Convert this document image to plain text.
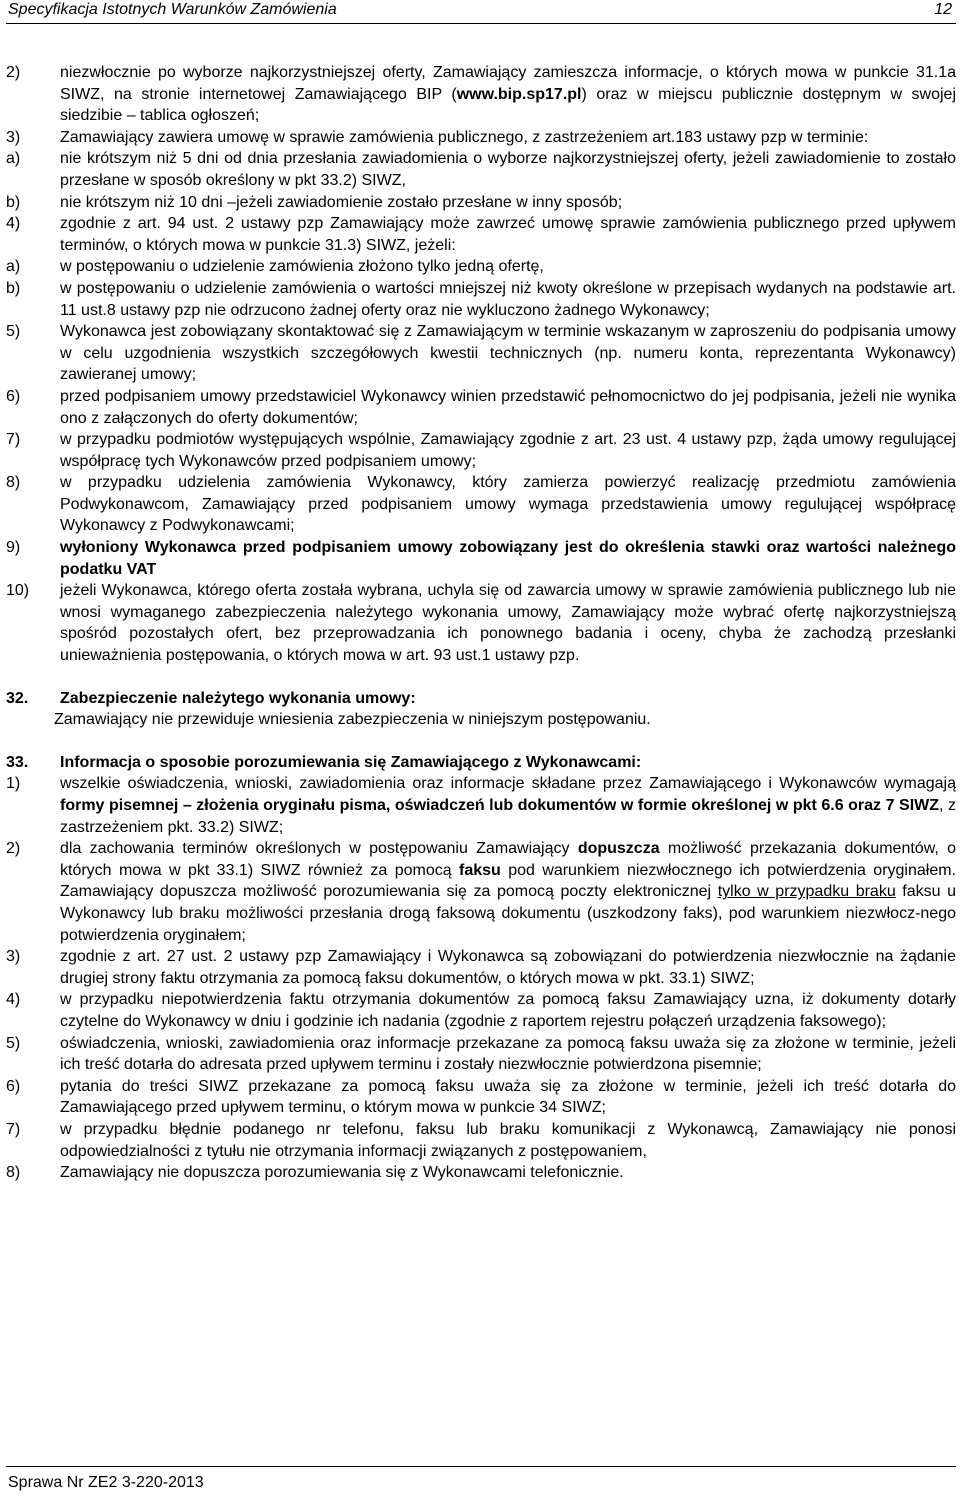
Specyfikacja Istotnych Warunków Zamówienia	12

2) niezwłocznie po wyborze najkorzystniejszej oferty, Zamawiający zamieszcza informacje, o których mowa w punkcie 31.1a SIWZ, na stronie internetowej Zamawiającego BIP (www.bip.sp17.pl) oraz w miejscu publicznie dostępnym w swojej siedzibie – tablica ogłoszeń;

3) Zamawiający zawiera umowę w sprawie zamówienia publicznego, z zastrzeżeniem art.183 ustawy pzp w terminie:

a) nie krótszym niż 5 dni od dnia przesłania zawiadomienia o wyborze najkorzystniejszej oferty, jeżeli zawiadomienie to zostało przesłane w sposób określony w pkt 33.2) SIWZ,

b) nie krótszym niż 10 dni –jeżeli zawiadomienie zostało przesłane w inny sposób;

4) zgodnie z art. 94 ust. 2 ustawy pzp Zamawiający może zawrzeć umowę sprawie zamówienia publicznego przed upływem terminów, o których mowa w punkcie 31.3) SIWZ, jeżeli:

a) w postępowaniu o udzielenie zamówienia złożono tylko jedną ofertę,

b) w postępowaniu o udzielenie zamówienia o wartości mniejszej niż kwoty określone w przepisach wydanych na podstawie art. 11 ust.8 ustawy pzp nie odrzucono żadnej oferty oraz nie wykluczono żadnego Wykonawcy;

5) Wykonawca jest zobowiązany skontaktować się z Zamawiającym w terminie wskazanym w zaproszeniu do podpisania umowy w celu uzgodnienia wszystkich szczegółowych kwestii technicznych (np. numeru konta, reprezentanta Wykonawcy) zawieranej umowy;

6) przed podpisaniem umowy przedstawiciel Wykonawcy winien przedstawić pełnomocnictwo do jej podpisania, jeżeli nie wynika ono z załączonych do oferty dokumentów;

7) w przypadku podmiotów występujących wspólnie, Zamawiający zgodnie z art. 23 ust. 4 ustawy pzp, żąda umowy regulującej współpracę tych Wykonawców przed podpisaniem umowy;

8) w przypadku udzielenia zamówienia Wykonawcy, który zamierza powierzyć realizację przedmiotu zamówienia Podwykonawcom, Zamawiający przed podpisaniem umowy wymaga przedstawienia umowy regulującej współpracę Wykonawcy z Podwykonawcami;

9) wyłoniony Wykonawca przed podpisaniem umowy zobowiązany jest do określenia stawki oraz wartości należnego podatku VAT

10) jeżeli Wykonawca, którego oferta została wybrana, uchyla się od zawarcia umowy w sprawie zamówienia publicznego lub nie wnosi wymaganego zabezpieczenia należytego wykonania umowy, Zamawiający może wybrać ofertę najkorzystniejszą spośród pozostałych ofert, bez przeprowadzania ich ponownego badania i oceny, chyba że zachodzą przesłanki unieważnienia postępowania, o których mowa w art. 93 ust.1 ustawy pzp.

32. Zabezpieczenie należytego wykonania umowy:

Zamawiający nie przewiduje wniesienia zabezpieczenia w niniejszym postępowaniu.

33. Informacja o sposobie porozumiewania się Zamawiającego z Wykonawcami:

1) wszelkie oświadczenia, wnioski, zawiadomienia oraz informacje składane przez Zamawiającego i Wykonawców wymagają formy pisemnej – złożenia oryginału pisma, oświadczeń lub dokumentów w formie określonej w pkt 6.6 oraz 7 SIWZ, z zastrzeżeniem pkt. 33.2) SIWZ;

2) dla zachowania terminów określonych w postępowaniu Zamawiający dopuszcza możliwość przekazania dokumentów, o których mowa w pkt 33.1) SIWZ również za pomocą faksu pod warunkiem niezwłocznego ich potwierdzenia oryginałem. Zamawiający dopuszcza możliwość porozumiewania się za pomocą poczty elektronicznej tylko w przypadku braku faksu u Wykonawcy lub braku możliwości przesłania drogą faksową dokumentu (uszkodzony faks), pod warunkiem niezwłocz-nego potwierdzenia oryginałem;

3) zgodnie z art. 27 ust. 2 ustawy pzp Zamawiający i Wykonawca są zobowiązani do potwierdzenia niezwłocznie na żądanie drugiej strony faktu otrzymania za pomocą faksu dokumentów, o których mowa w pkt. 33.1) SIWZ;

4) w przypadku niepotwierdzenia faktu otrzymania dokumentów za pomocą faksu Zamawiający uzna, iż dokumenty dotarły czytelne do Wykonawcy w dniu i godzinie ich nadania (zgodnie z raportem rejestru połączeń urządzenia faksowego);

5) oświadczenia, wnioski, zawiadomienia oraz informacje przekazane za pomocą faksu uważa się za złożone w terminie, jeżeli ich treść dotarła do adresata przed upływem terminu i zostały niezwłocznie potwierdzona pisemnie;

6) pytania do treści SIWZ przekazane za pomocą faksu uważa się za złożone w terminie, jeżeli ich treść dotarła do Zamawiającego przed upływem terminu, o którym mowa w punkcie 34 SIWZ;

7) w przypadku błędnie podanego nr telefonu, faksu lub braku komunikacji z Wykonawcą, Zamawiający nie ponosi odpowiedzialności z tytułu nie otrzymania informacji związanych z postępowaniem,

8) Zamawiający nie dopuszcza porozumiewania się z Wykonawcami telefonicznie.

Sprawa Nr ZE2 3-220-2013
